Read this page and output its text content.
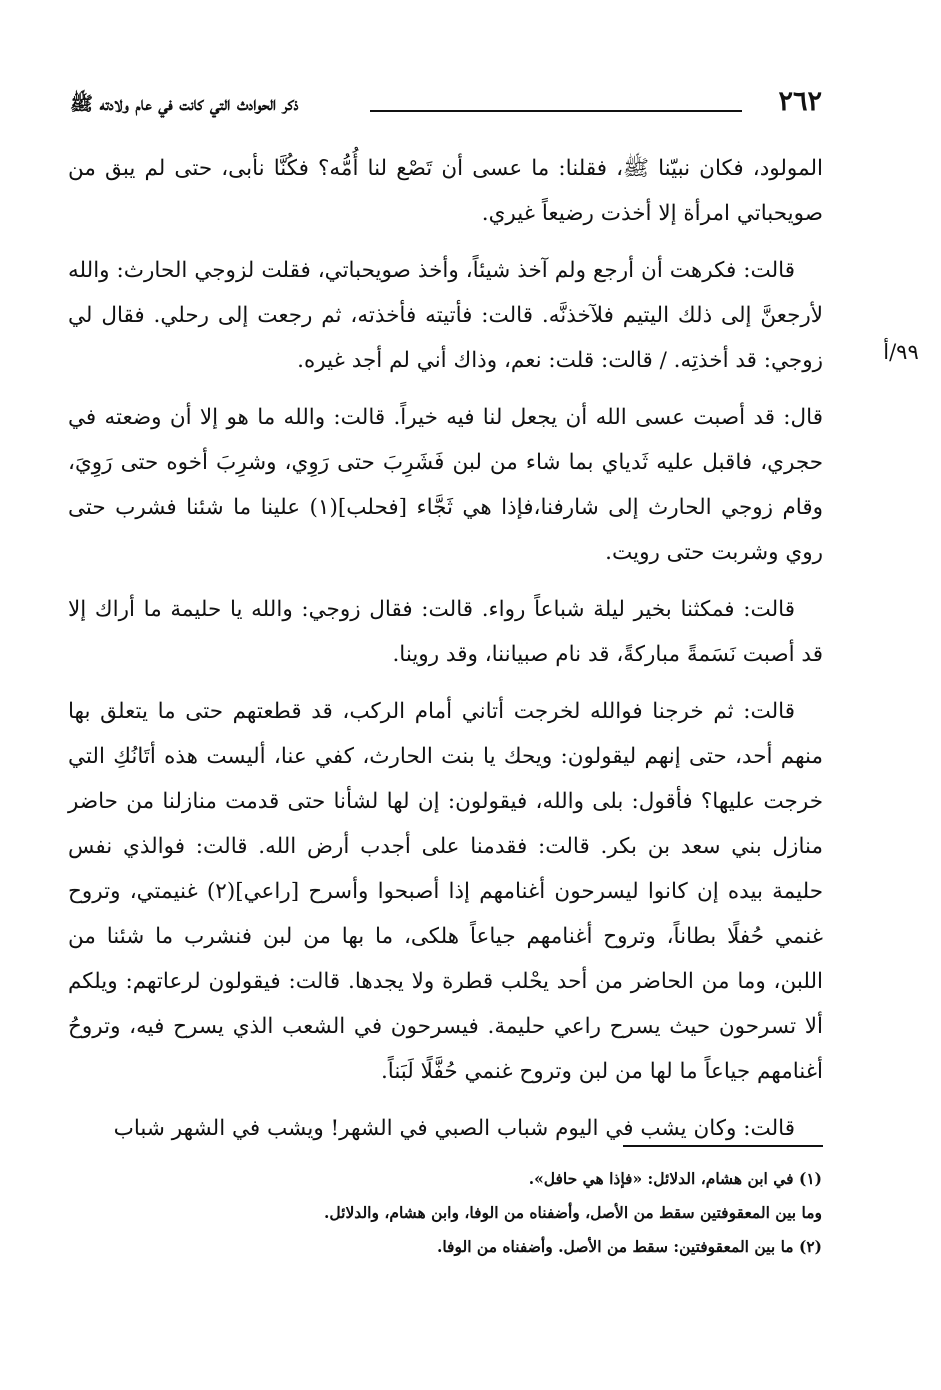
٢٦٢
ذكر الحوادث التي كانت في عام ولادته ﷺ
٩٩/أ

المولود، فكان نبيّنا ﷺ، فقلنا: ما عسى أن تَصْع لنا أُمُّه؟ فكُنَّا نأبى، حتى لم يبق من صويحباتي امرأة إلا أخذت رضيعاً غيري.

قالت: فكرهت أن أرجع ولم آخذ شيئاً، وأخذ صويحباتي، فقلت لزوجي الحارث: والله لأرجعنَّ إلى ذلك اليتيم فلآخذنَّه. قالت: فأتيته فأخذته، ثم رجعت إلى رحلي. فقال لي زوجي: قد أخذتِه. / قالت: قلت: نعم، وذاك أني لم أجد غيره.

قال: قد أصبت عسى الله أن يجعل لنا فيه خيراً. قالت: والله ما هو إلا أن وضعته في حجري، فاقبل عليه ثَدياي بما شاء من لبن فَشَرِبَ حتى رَوِي، وشرِبَ أخوه حتى رَوِيَ، وقام زوجي الحارث إلى شارفنا،فإذا هي ثَجَّاء [فحلب](١) علينا ما شئنا فشرب حتى روي وشربت حتى رويت.

قالت: فمكثنا بخير ليلة شباعاً رواء. قالت: فقال زوجي: والله يا حليمة ما أراك إلا قد أصبت نَسَمةً مباركةً، قد نام صبياننا، وقد روينا.

قالت: ثم خرجنا فوالله لخرجت أتاني أمام الركب، قد قطعتهم حتى ما يتعلق بها منهم أحد، حتى إنهم ليقولون: ويحك يا بنت الحارث، كفي عنا، أليست هذه أتَانُكِ التي خرجت عليها؟ فأقول: بلى والله، فيقولون: إن لها لشأنا حتى قدمت منازلنا من حاضر منازل بني سعد بن بكر. قالت: فقدمنا على أجدب أرض الله. قالت: فوالذي نفس حليمة بيده إن كانوا ليسرحون أغنامهم إذا أصبحوا وأسرح [راعي](٢) غنيمتي، وتروح غنمي حُفلًا بطاناً، وتروح أغنامهم جياعاً هلكى، ما بها من لبن فنشرب ما شئنا من اللبن، وما من الحاضر من أحد يحْلب قطرة ولا يجدها. قالت: فيقولون لرعاتهم: ويلكم ألا تسرحون حيث يسرح راعي حليمة. فيسرحون في الشعب الذي يسرح فيه، وتروحُ أغنامهم جياعاً ما لها من لبن وتروح غنمي حُفَّلًا لَبَناً.

قالت: وكان يشب في اليوم شباب الصبي في الشهر! ويشب في الشهر شباب

(١) في ابن هشام، الدلائل: «فإذا هي حافل».

وما بين المعقوفتين سقط من الأصل، وأضفناه من الوفا، وابن هشام، والدلائل.

(٢) ما بين المعقوفتين: سقط من الأصل. وأضفناه من الوفا.
